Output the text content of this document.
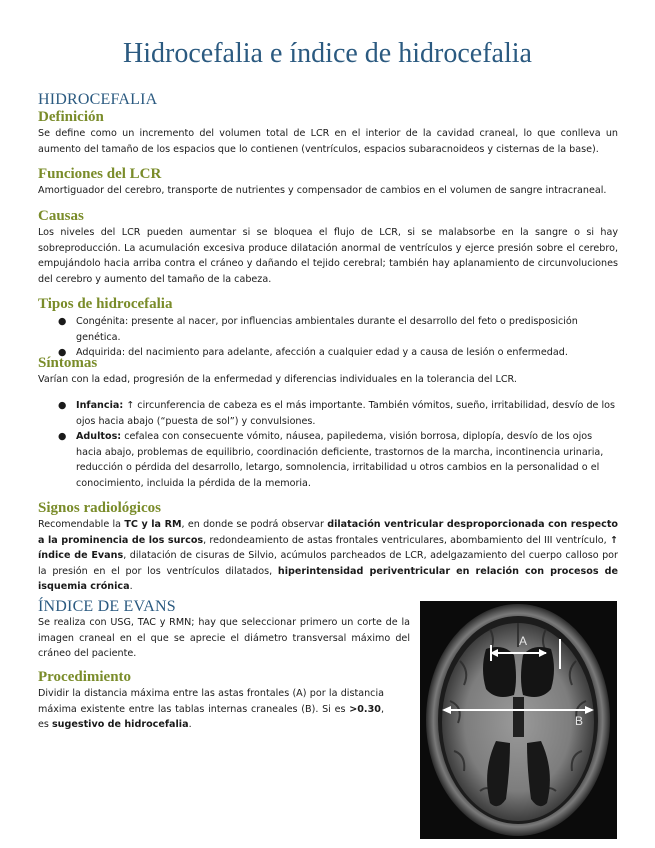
Hidrocefalia e índice de hidrocefalia
HIDROCEFALIA
Definición

Se define como un incremento del volumen total de LCR en el interior de la cavidad craneal, lo que conlleva un aumento del tamaño de los espacios que lo contienen (ventrículos, espacios subaracnoideos y cisternas de la base).

Funciones del LCR

Amortiguador del cerebro, transporte de nutrientes y compensador de cambios en el volumen de sangre intracraneal.

Causas

Los niveles del LCR pueden aumentar si se bloquea el flujo de LCR, si se malabsorbe en la sangre o si hay sobreproducción. La acumulación excesiva produce dilatación anormal de ventrículos y ejerce presión sobre el cerebro, empujándolo hacia arriba contra el cráneo y dañando el tejido cerebral; también hay aplanamiento de circunvoluciones del cerebro y aumento del tamaño de la cabeza.

Tipos de hidrocefalia
● Congénita: presente al nacer, por influencias ambientales durante el desarrollo del feto o predisposición genética.
● Adquirida: del nacimiento para adelante, afección a cualquier edad y a causa de lesión o enfermedad.
Síntomas

Varían con la edad, progresión de la enfermedad y diferencias individuales en la tolerancia del LCR.

● Infancia: ↑ circunferencia de cabeza es el más importante. También vómitos, sueño, irritabilidad, desvío de los ojos hacia abajo (“puesta de sol”) y convulsiones.
● Adultos: cefalea con consecuente vómito, náusea, papiledema, visión borrosa, diplopía, desvío de los ojos hacia abajo, problemas de equilibrio, coordinación deficiente, trastornos de la marcha, incontinencia urinaria, reducción o pérdida del desarrollo, letargo, somnolencia, irritabilidad u otros cambios en la personalidad o el conocimiento, incluida la pérdida de la memoria.
Signos radiológicos

Recomendable la TC y la RM, en donde se podrá observar dilatación ventricular desproporcionada con respecto a la prominencia de los surcos, redondeamiento de astas frontales ventriculares, abombamiento del III ventrículo, ↑ índice de Evans, dilatación de cisuras de Silvio, acúmulos parcheados de LCR, adelgazamiento del cuerpo calloso por la presión en el por los ventrículos dilatados, hiperintensidad periventricular en relación con procesos de isquemia crónica.

ÍNDICE DE EVANS

Se realiza con USG, TAC y RMN; hay que seleccionar primero un corte de la imagen craneal en el que se aprecie el diámetro transversal máximo del cráneo del paciente.

Procedimiento

Dividir la distancia máxima entre las astas frontales (A) por la distancia máxima existente entre las tablas internas craneales (B). Si es >0.30, es sugestivo de hidrocefalia.

A
B
